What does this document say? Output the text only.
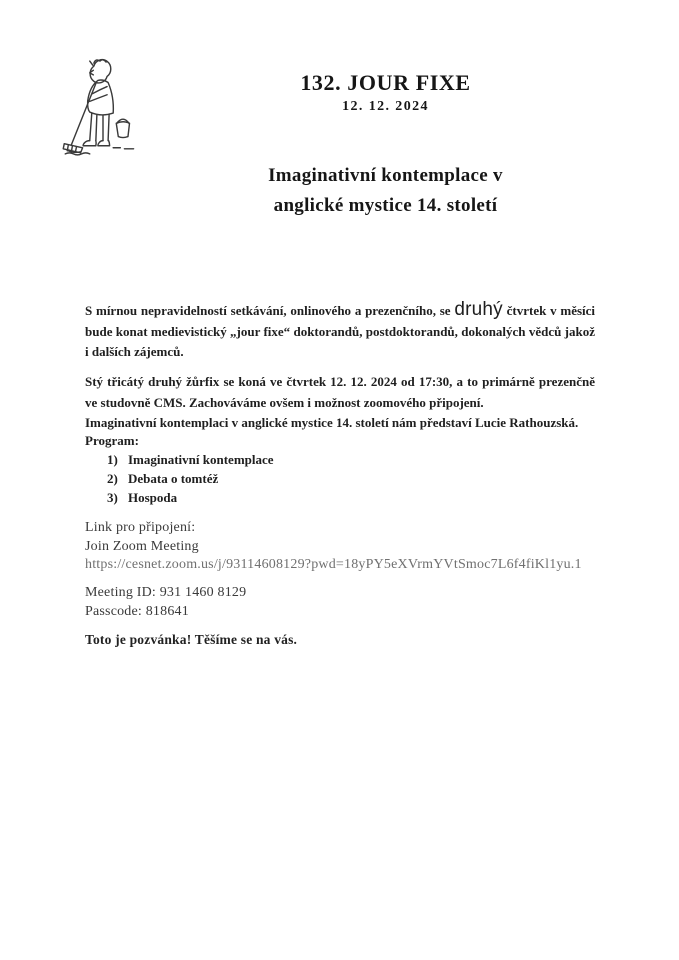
132. JOUR FIXE
12. 12. 2024
Imaginativní kontemplace v
anglické mystice 14. století
S mírnou nepravidelností setkávání, onlinového a prezenčního, se druhý čtvrtek v měsíci bude konat medievistický „jour fixe“ doktorandů, postdoktorandů, dokonalých vědců jakož i dalších zájemců.
Stý třicátý druhý žůrfix se koná ve čtvrtek 12. 12. 2024 od 17:30, a to primárně prezenčně ve studovně CMS. Zachováváme ovšem i možnost zoomového připojení.
Imaginativní kontemplaci v anglické mystice 14. století nám představí Lucie Rathouzská.
Program:
1) Imaginativní kontemplace
2) Debata o tomtéž
3) Hospoda
Link pro připojení:
Join Zoom Meeting
https://cesnet.zoom.us/j/93114608129?pwd=18yPY5eXVrmYVtSmoc7L6f4fiKl1yu.1
Meeting ID: 931 1460 8129
Passcode: 818641
Toto je pozvánka! Těšíme se na vás.
